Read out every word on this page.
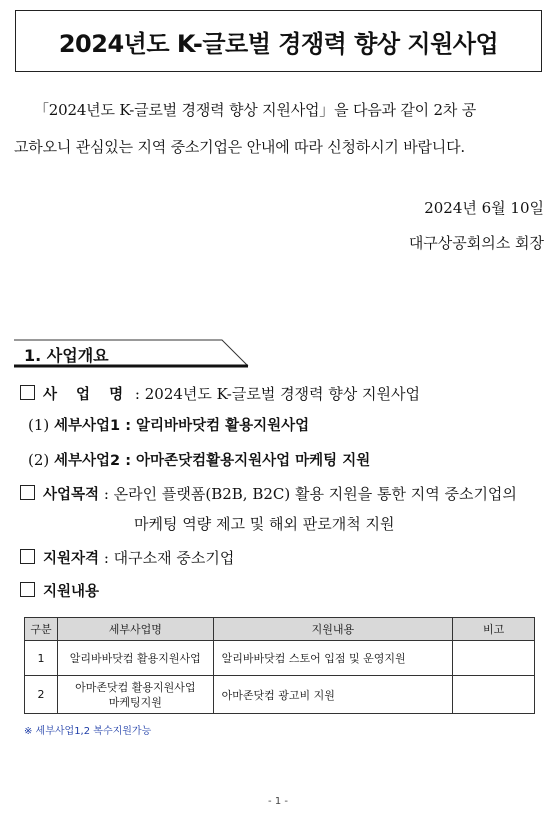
2024년도 K-글로벌 경쟁력 향상 지원사업
「2024년도 K-글로벌 경쟁력 향상 지원사업」을 다음과 같이 2차 공
고하오니 관심있는 지역 중소기업은 안내에 따라 신청하시기 바랍니다.
2024년 6월 10일
대구상공회의소 회장
1. 사업개요
사 업 명 : 2024년도 K-글로벌 경쟁력 향상 지원사업
(1) 세부사업1 : 알리바바닷컴 활용지원사업
(2) 세부사업2 : 아마존닷컴활용지원사업 마케팅 지원
사업목적 : 온라인 플랫폼(B2B, B2C) 활용 지원을 통한 지역 중소기업의
마케팅 역량 제고 및 해외 판로개척 지원
지원자격 : 대구소재 중소기업
지원내용
구분	세부사업명	지원내용	비고
1	알리바바닷컴 활용지원사업	알리바바닷컴 스토어 입점 및 운영지원	
2	아마존닷컴 활용지원사업
마케팅지원	아마존닷컴 광고비 지원	
※ 세부사업1,2 복수지원가능
- 1 -
